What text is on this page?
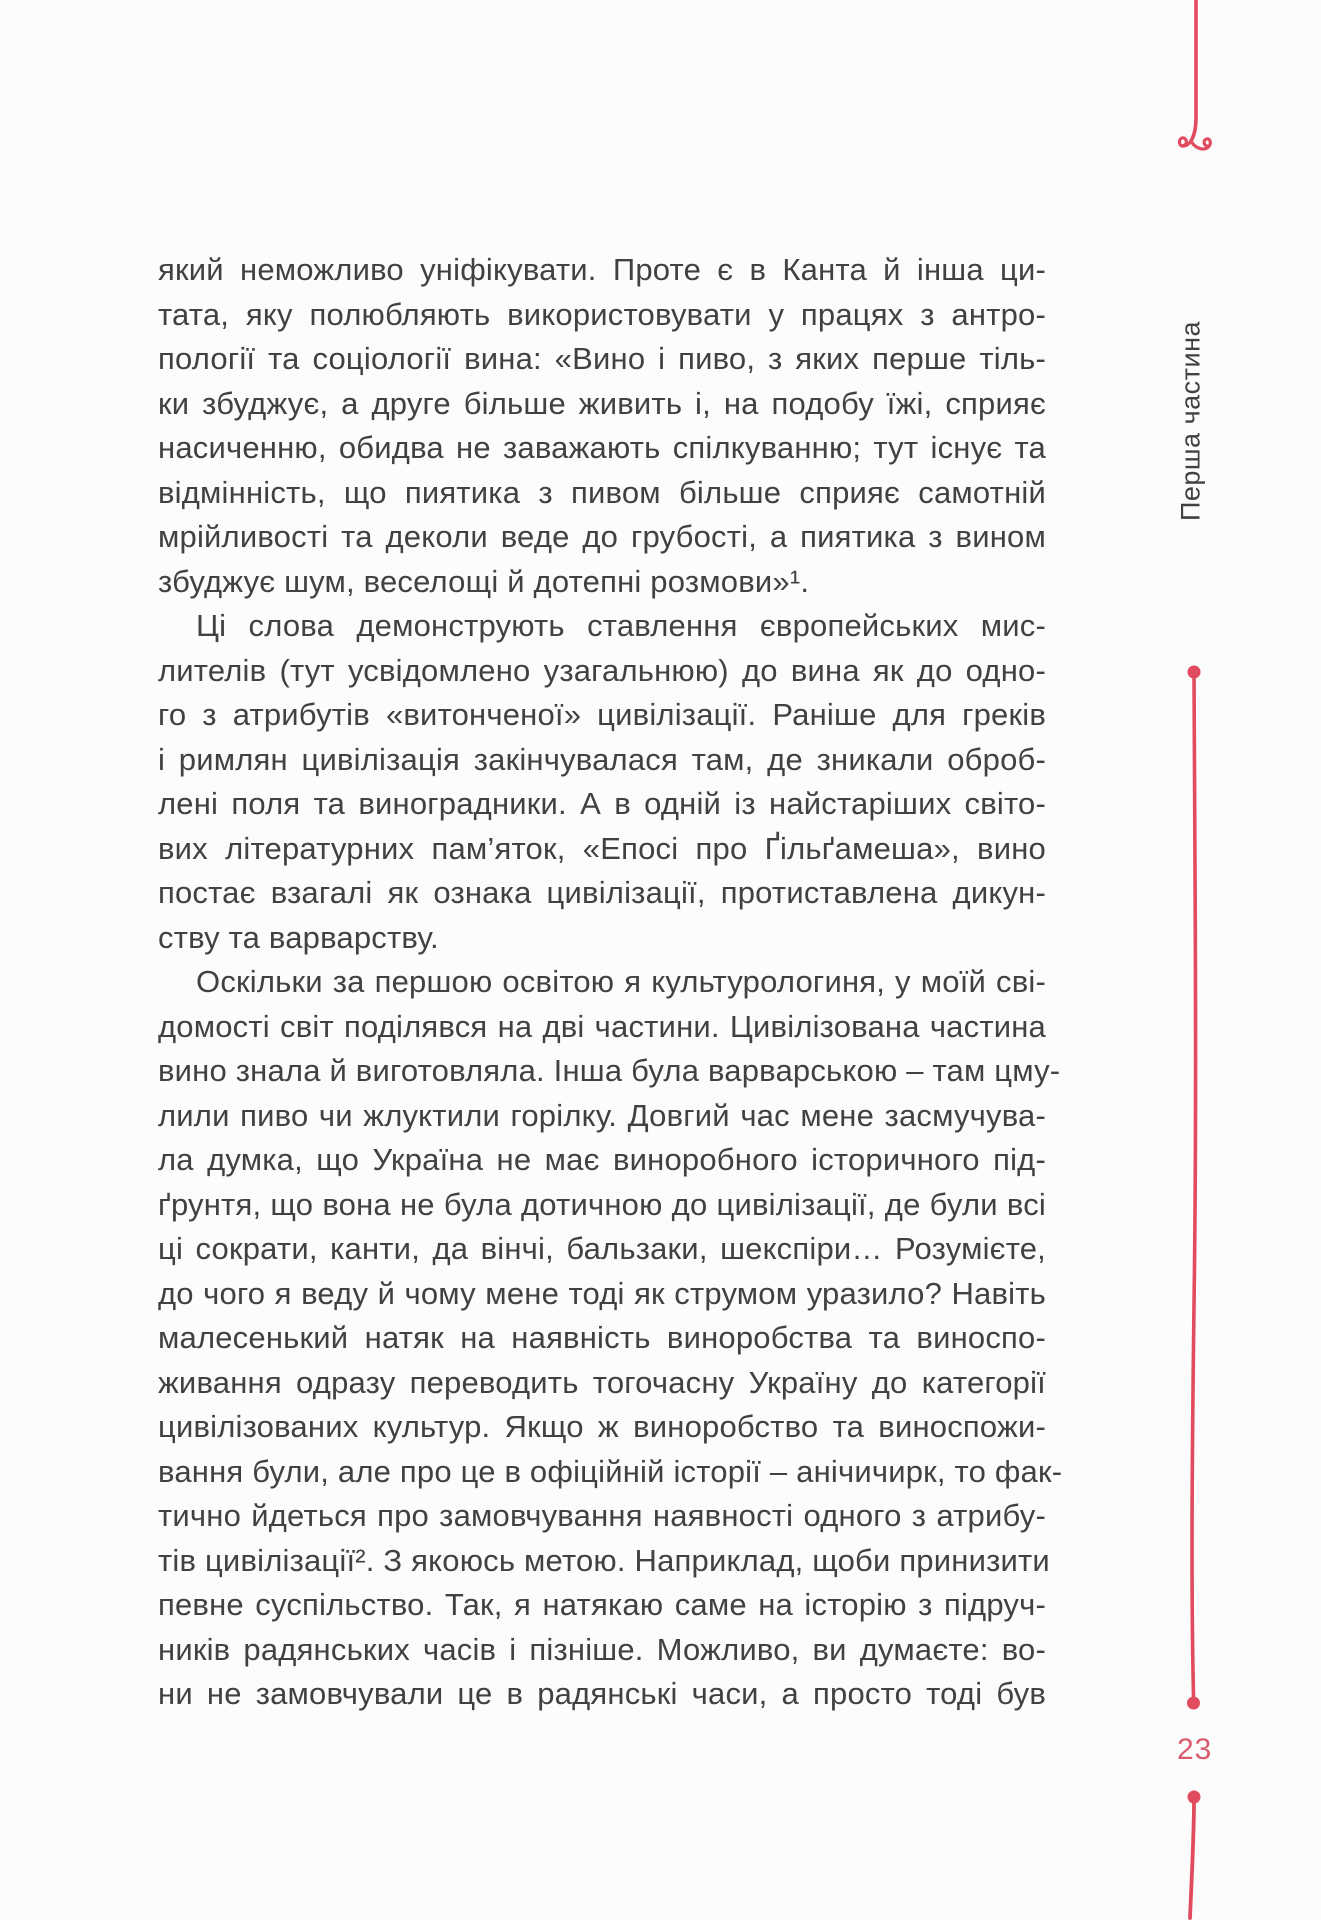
Перша частина
який неможливо уніфікувати. Проте є в Канта й інша ци-
тата, яку полюбляють використовувати у працях з антро-
пології та соціології вина: «Вино і пиво, з яких перше тіль-
ки збуджує, а друге більше живить і, на подобу їжі, сприяє
насиченню, обидва не заважають спілкуванню; тут існує та
відмінність, що пиятика з пивом більше сприяє самотній
мрійливості та деколи веде до грубості, а пиятика з вином
збуджує шум, веселощі й дотепні розмови»¹.
Ці слова демонструють ставлення європейських мис-
лителів (тут усвідомлено узагальнюю) до вина як до одно-
го з атрибутів «витонченої» цивілізації. Раніше для греків
і римлян цивілізація закінчувалася там, де зникали оброб-
лені поля та виноградники. А в одній із найстаріших світо-
вих літературних пам’яток, «Епосі про Ґільґамеша», вино
постає взагалі як ознака цивілізації, протиставлена дикун-
ству та варварству.
Оскільки за першою освітою я культурологиня, у моїй сві-
домості світ поділявся на дві частини. Цивілізована частина
вино знала й виготовляла. Інша була варварською – там цму-
лили пиво чи жлуктили горілку. Довгий час мене засмучува-
ла думка, що Україна не має виноробного історичного під-
ґрунтя, що вона не була дотичною до цивілізації, де були всі
ці сократи, канти, да вінчі, бальзаки, шекспіри… Розумієте,
до чого я веду й чому мене тоді як струмом уразило? Навіть
малесенький натяк на наявність виноробства та виноспо-
живання одразу переводить тогочасну Україну до категорії
цивілізованих культур. Якщо ж виноробство та виноспожи-
вання були, але про це в офіційній історії – анічичирк, то фак-
тично йдеться про замовчування наявності одного з атрибу-
тів цивілізації². З якоюсь метою. Наприклад, щоби принизити
певне суспільство. Так, я натякаю саме на історію з підруч-
ників радянських часів і пізніше. Можливо, ви думаєте: во-
ни не замовчували це в радянські часи, а просто тоді був
23
